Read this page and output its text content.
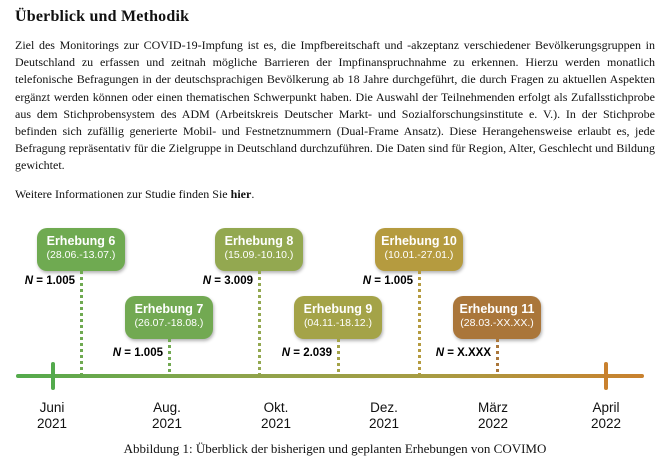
Überblick und Methodik

Ziel des Monitorings zur COVID-19-Impfung ist es, die Impfbereitschaft und -akzeptanz verschiedener Bevölkerungsgruppen in Deutschland zu erfassen und zeitnah mögliche Barrieren der Impfinanspruchnahme zu erkennen. Hierzu werden monatlich telefonische Befragungen in der deutschsprachigen Bevölkerung ab 18 Jahre durchgeführt, die durch Fragen zu aktuellen Aspekten ergänzt werden können oder einen thematischen Schwerpunkt haben. Die Auswahl der Teilnehmenden erfolgt als Zufallsstichprobe aus dem Stichprobensystem des ADM (Arbeitskreis Deutscher Markt- und Sozialforschungsinstitute e. V.). In der Stichprobe befinden sich zufällig generierte Mobil- und Festnetznummern (Dual-Frame Ansatz). Diese Herangehensweise erlaubt es, jede Befragung repräsentativ für die Zielgruppe in Deutschland durchzuführen. Die Daten sind für Region, Alter, Geschlecht und Bildung gewichtet.

Weitere Informationen zur Studie finden Sie hier.

Erhebung 6
(28.06.-13.07.)
N = 1.005
Erhebung 7
(26.07.-18.08.)
N = 1.005
Erhebung 8
(15.09.-10.10.)
N = 3.009
Erhebung 9
(04.11.-18.12.)
N = 2.039
Erhebung 10
(10.01.-27.01.)
N = 1.005
Erhebung 11
(28.03.-XX.XX.)
N = X.XXX
Juni
2021
Aug.
2021
Okt.
2021
Dez.
2021
März
2022
April
2022
Abbildung 1: Überblick der bisherigen und geplanten Erhebungen von COVIMO
